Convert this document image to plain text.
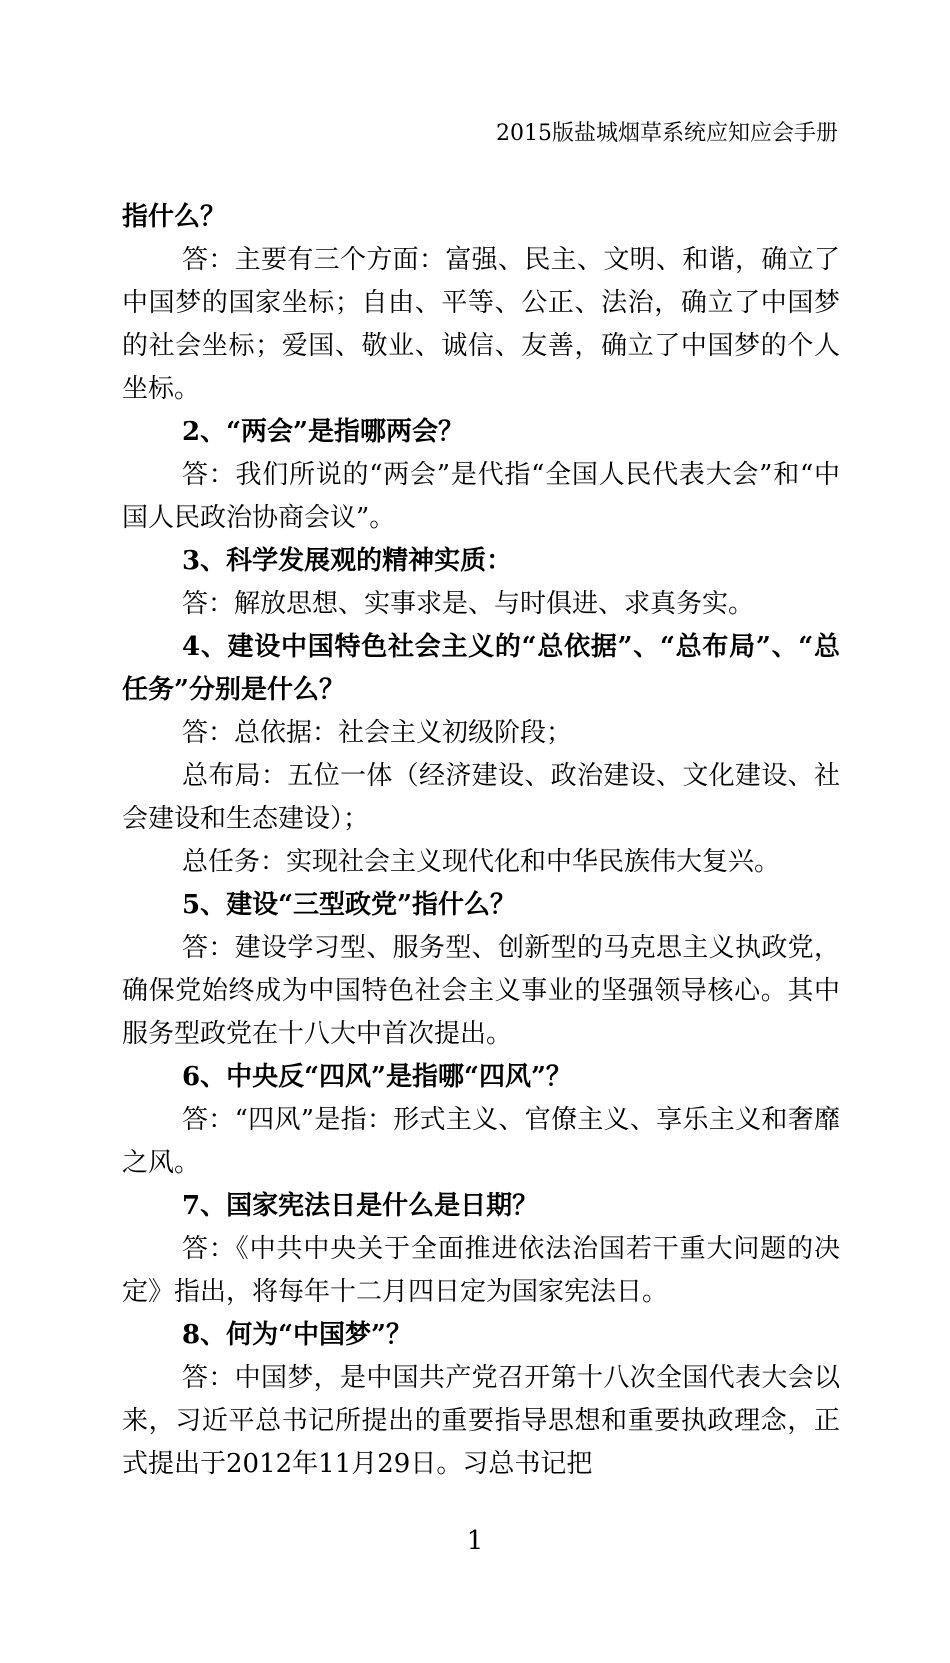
2015版盐城烟草系统应知应会手册

指什么？

答：主要有三个方面：富强、民主、文明、和谐，确立了中国梦的国家坐标；自由、平等、公正、法治，确立了中国梦的社会坐标；爱国、敬业、诚信、友善，确立了中国梦的个人坐标。

2、“两会”是指哪两会？

答：我们所说的“两会”是代指“全国人民代表大会”和“中国人民政治协商会议”。

3、科学发展观的精神实质：

答：解放思想、实事求是、与时俱进、求真务实。

4、建设中国特色社会主义的“总依据”、“总布局”、“总任务”分别是什么？

答：总依据：社会主义初级阶段；

总布局：五位一体（经济建设、政治建设、文化建设、社会建设和生态建设）；

总任务：实现社会主义现代化和中华民族伟大复兴。

5、建设“三型政党”指什么？

答：建设学习型、服务型、创新型的马克思主义执政党，确保党始终成为中国特色社会主义事业的坚强领导核心。其中服务型政党在十八大中首次提出。

6、中央反“四风”是指哪“四风”？

答：“四风”是指：形式主义、官僚主义、享乐主义和奢靡之风。

7、国家宪法日是什么是日期？

答：《中共中央关于全面推进依法治国若干重大问题的决定》指出，将每年十二月四日定为国家宪法日。

8、何为“中国梦”？

答：中国梦，是中国共产党召开第十八次全国代表大会以来，习近平总书记所提出的重要指导思想和重要执政理念，正式提出于2012年11月29日。习总书记把

1
